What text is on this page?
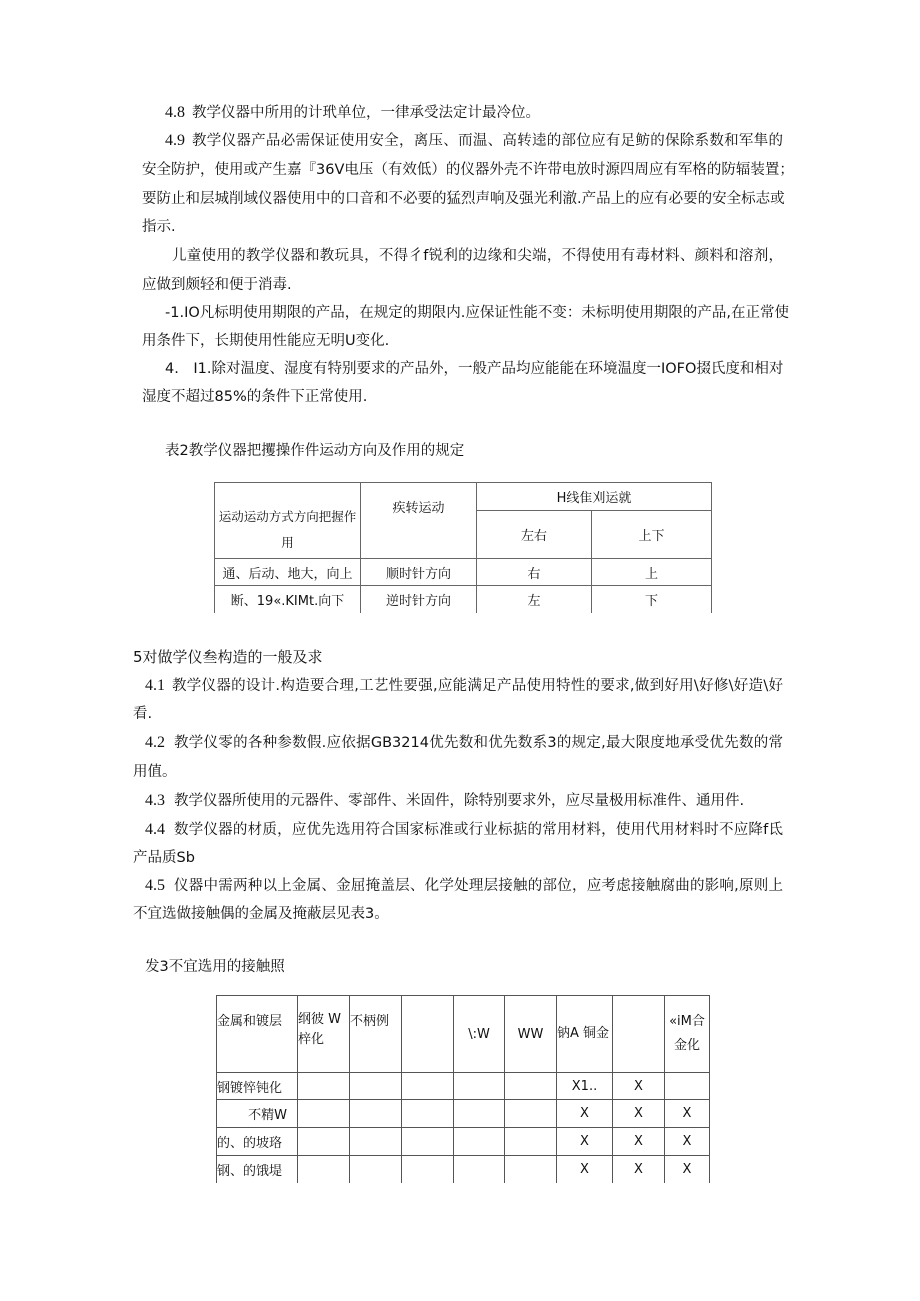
4.8 教学仪器中所用的计玳单位，一律承受法定计最冷位。
4.9 教学仪器产品必需保证使用安全，离压、而温、高转逵的部位应有足鲂的保除系数和军隼的
安全防护，使用或产生嘉『36V电压（有效低）的仪器外壳不许带电放时源四周应有军格的防辐装置；
要防止和层城削域仪器使用中的口音和不必要的猛烈声响及强光利澈.产品上的应有必要的安全标志或
指示.
儿童使用的教学仪器和教玩具，不得彳f锐利的边缘和尖端，不得使用有毒材料、颜料和溶剂，
应做到颇轻和便于消毒.
-1.IO凡标明使用期限的产品，在规定的期限内.应保证性能不变：未标明使用期限的产品,在正常使
用条件下，长期使用性能应无明U变化.
4.　I1.除对温度、湿度有特别要求的产品外，一般产品均应能能在环境温度一IOFO掇氏度和相对
湿度不超过85%的条件下正常使用.
表2教学仪器把攫操作件运动方向及作用的规定
运动运动方式方向把握作用	疾转运动	H线隹刈运就	
		左右	上下
通、后动、地大，向上	顺时针方向	右	上
断、19«.KIMt.向下	逆时针方向	左	下
5对做学仪叁构造的一般及求
4.1 教学仪器的设计.构造要合理,工艺性要强,应能满足产品使用特性的要求,做到好用\好修\好造\好
看.
4.2 教学仪零的各种参数假.应依据GB3214优先数和优先数系3的规定,最大限度地承受优先数的常
用值。
4.3 教学仪器所使用的元器件、零部件、米固件，除特别要求外，应尽量极用标准件、通用件.
4.4 数学仪器的材质，应优先选用符合国家标准或行业标掂的常用材料，使用代用材料时不应降f氐
产品质Sb
4.5 仪器中需两种以上金属、金屈掩盖层、化学处理层接触的部位，应考虑接触腐曲的影响,原则上
不宜选做接触偶的金属及掩蔽层见表3。
发3不宜选用的接触照
金属和镀层	纲彼 W 梓化	不柄例		\:W	WW	钠A 铜金		«iM合 金化
钢镀悴钝化						X1..	X	
不精W						X	X	X
的、的坡珞						X	X	X
钢、的饿堤						X	X	X
